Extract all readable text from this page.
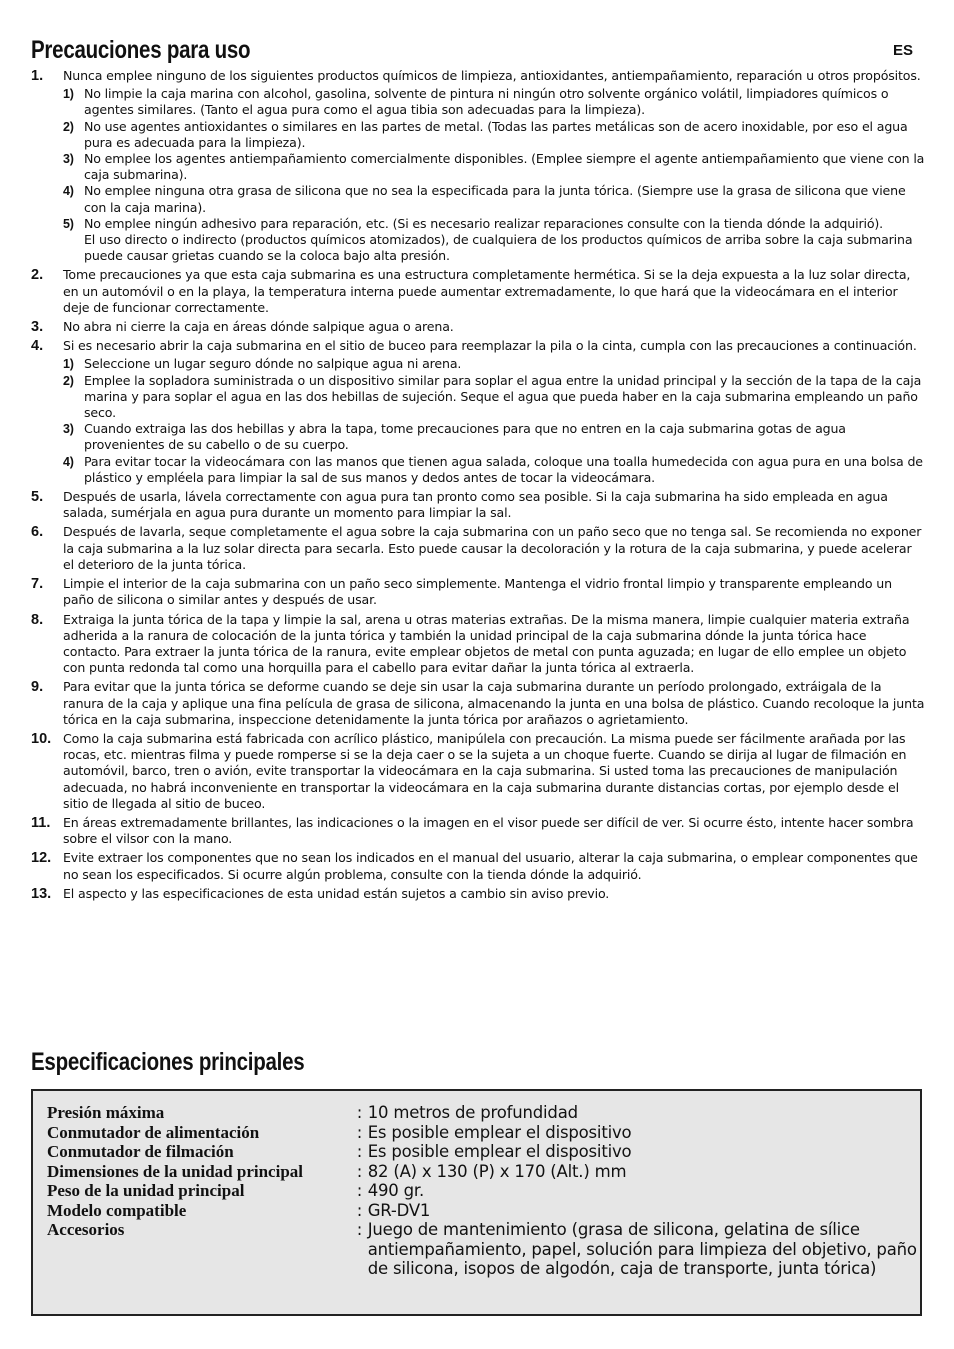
Precauciones para uso	ES
1. Nunca emplee ninguno de los siguientes productos químicos de limpieza, antioxidantes, antiempañamiento, reparación u otros propósitos.
1) No limpie la caja marina con alcohol, gasolina, solvente de pintura ni ningún otro solvente orgánico volátil, limpiadores químicos o agentes similares. (Tanto el agua pura como el agua tibia son adecuadas para la limpieza).
2) No use agentes antioxidantes o similares en las partes de metal. (Todas las partes metálicas son de acero inoxidable, por eso el agua pura es adecuada para la limpieza).
3) No emplee los agentes antiempañamiento comercialmente disponibles. (Emplee siempre el agente antiempañamiento que viene con la caja submarina).
4) No emplee ninguna otra grasa de silicona que no sea la especificada para la junta tórica. (Siempre use la grasa de silicona que viene con la caja marina).
5) No emplee ningún adhesivo para reparación, etc. (Si es necesario realizar reparaciones consulte con la tienda dónde la adquirió).
El uso directo o indirecto (productos químicos atomizados), de cualquiera de los productos químicos de arriba sobre la caja submarina puede causar grietas cuando se la coloca bajo alta presión.
2. Tome precauciones ya que esta caja submarina es una estructura completamente hermética. Si se la deja expuesta a la luz solar directa, en un automóvil o en la playa, la temperatura interna puede aumentar extremadamente, lo que hará que la videocámara en el interior deje de funcionar correctamente.
3. No abra ni cierre la caja en áreas dónde salpique agua o arena.
4. Si es necesario abrir la caja submarina en el sitio de buceo para reemplazar la pila o la cinta, cumpla con las precauciones a continuación.
1) Seleccione un lugar seguro dónde no salpique agua ni arena.
2) Emplee la sopladora suministrada o un dispositivo similar para soplar el agua entre la unidad principal y la sección de la tapa de la caja marina y para soplar el agua en las dos hebillas de sujeción. Seque el agua que pueda haber en la caja submarina empleando un paño seco.
3) Cuando extraiga las dos hebillas y abra la tapa, tome precauciones para que no entren en la caja submarina gotas de agua provenientes de su cabello o de su cuerpo.
4) Para evitar tocar la videocámara con las manos que tienen agua salada, coloque una toalla humedecida con agua pura en una bolsa de plástico y empléela para limpiar la sal de sus manos y dedos antes de tocar la videocámara.
5. Después de usarla, lávela correctamente con agua pura tan pronto como sea posible. Si la caja submarina ha sido empleada en agua salada, sumérjala en agua pura durante un momento para limpiar la sal.
6. Después de lavarla, seque completamente el agua sobre la caja submarina con un paño seco que no tenga sal. Se recomienda no exponer la caja submarina a la luz solar directa para secarla. Esto puede causar la decoloración y la rotura de la caja submarina, y puede acelerar el deterioro de la junta tórica.
7. Limpie el interior de la caja submarina con un paño seco simplemente. Mantenga el vidrio frontal limpio y transparente empleando un paño de silicona o similar antes y después de usar.
8. Extraiga la junta tórica de la tapa y limpie la sal, arena u otras materias extrañas. De la misma manera, limpie cualquier materia extraña adherida a la ranura de colocación de la junta tórica y también la unidad principal de la caja submarina dónde la junta tórica hace contacto. Para extraer la junta tórica de la ranura, evite emplear objetos de metal con punta aguzada; en lugar de ello emplee un objeto con punta redonda tal como una horquilla para el cabello para evitar dañar la junta tórica al extraerla.
9. Para evitar que la junta tórica se deforme cuando se deje sin usar la caja submarina durante un período prolongado, extráigala de la ranura de la caja y aplique una fina película de grasa de silicona, almacenando la junta en una bolsa de plástico. Cuando recoloque la junta tórica en la caja submarina, inspeccione detenidamente la junta tórica por arañazos o agrietamiento.
10. Como la caja submarina está fabricada con acrílico plástico, manipúlela con precaución. La misma puede ser fácilmente arañada por las rocas, etc. mientras filma y puede romperse si se la deja caer o se la sujeta a un choque fuerte. Cuando se dirija al lugar de filmación en automóvil, barco, tren o avión, evite transportar la videocámara en la caja submarina. Si usted toma las precauciones de manipulación adecuada, no habrá inconveniente en transportar la videocámara en la caja submarina durante distancias cortas, por ejemplo desde el sitio de llegada al sitio de buceo.
11. En áreas extremadamente brillantes, las indicaciones o la imagen en el visor puede ser difícil de ver. Si ocurre ésto, intente hacer sombra sobre el vilsor con la mano.
12. Evite extraer los componentes que no sean los indicados en el manual del usuario, alterar la caja submarina, o emplear componentes que no sean los especificados. Si ocurre algún problema, consulte con la tienda dónde la adquirió.
13. El aspecto y las especificaciones de esta unidad están sujetos a cambio sin aviso previo.
Especificaciones principales
Presión máxima	: 10 metros de profundidad
Conmutador de alimentación	: Es posible emplear el dispositivo
Conmutador de filmación	: Es posible emplear el dispositivo
Dimensiones de la unidad principal	: 82 (A) x 130 (P) x 170 (Alt.) mm
Peso de la unidad principal	: 490 gr.
Modelo compatible	: GR-DV1
Accesorios	: Juego de mantenimiento (grasa de silicona, gelatina de sílice antiempañamiento, papel, solución para limpieza del objetivo, paño de silicona, isopos de algodón, caja de transporte, junta tórica)
